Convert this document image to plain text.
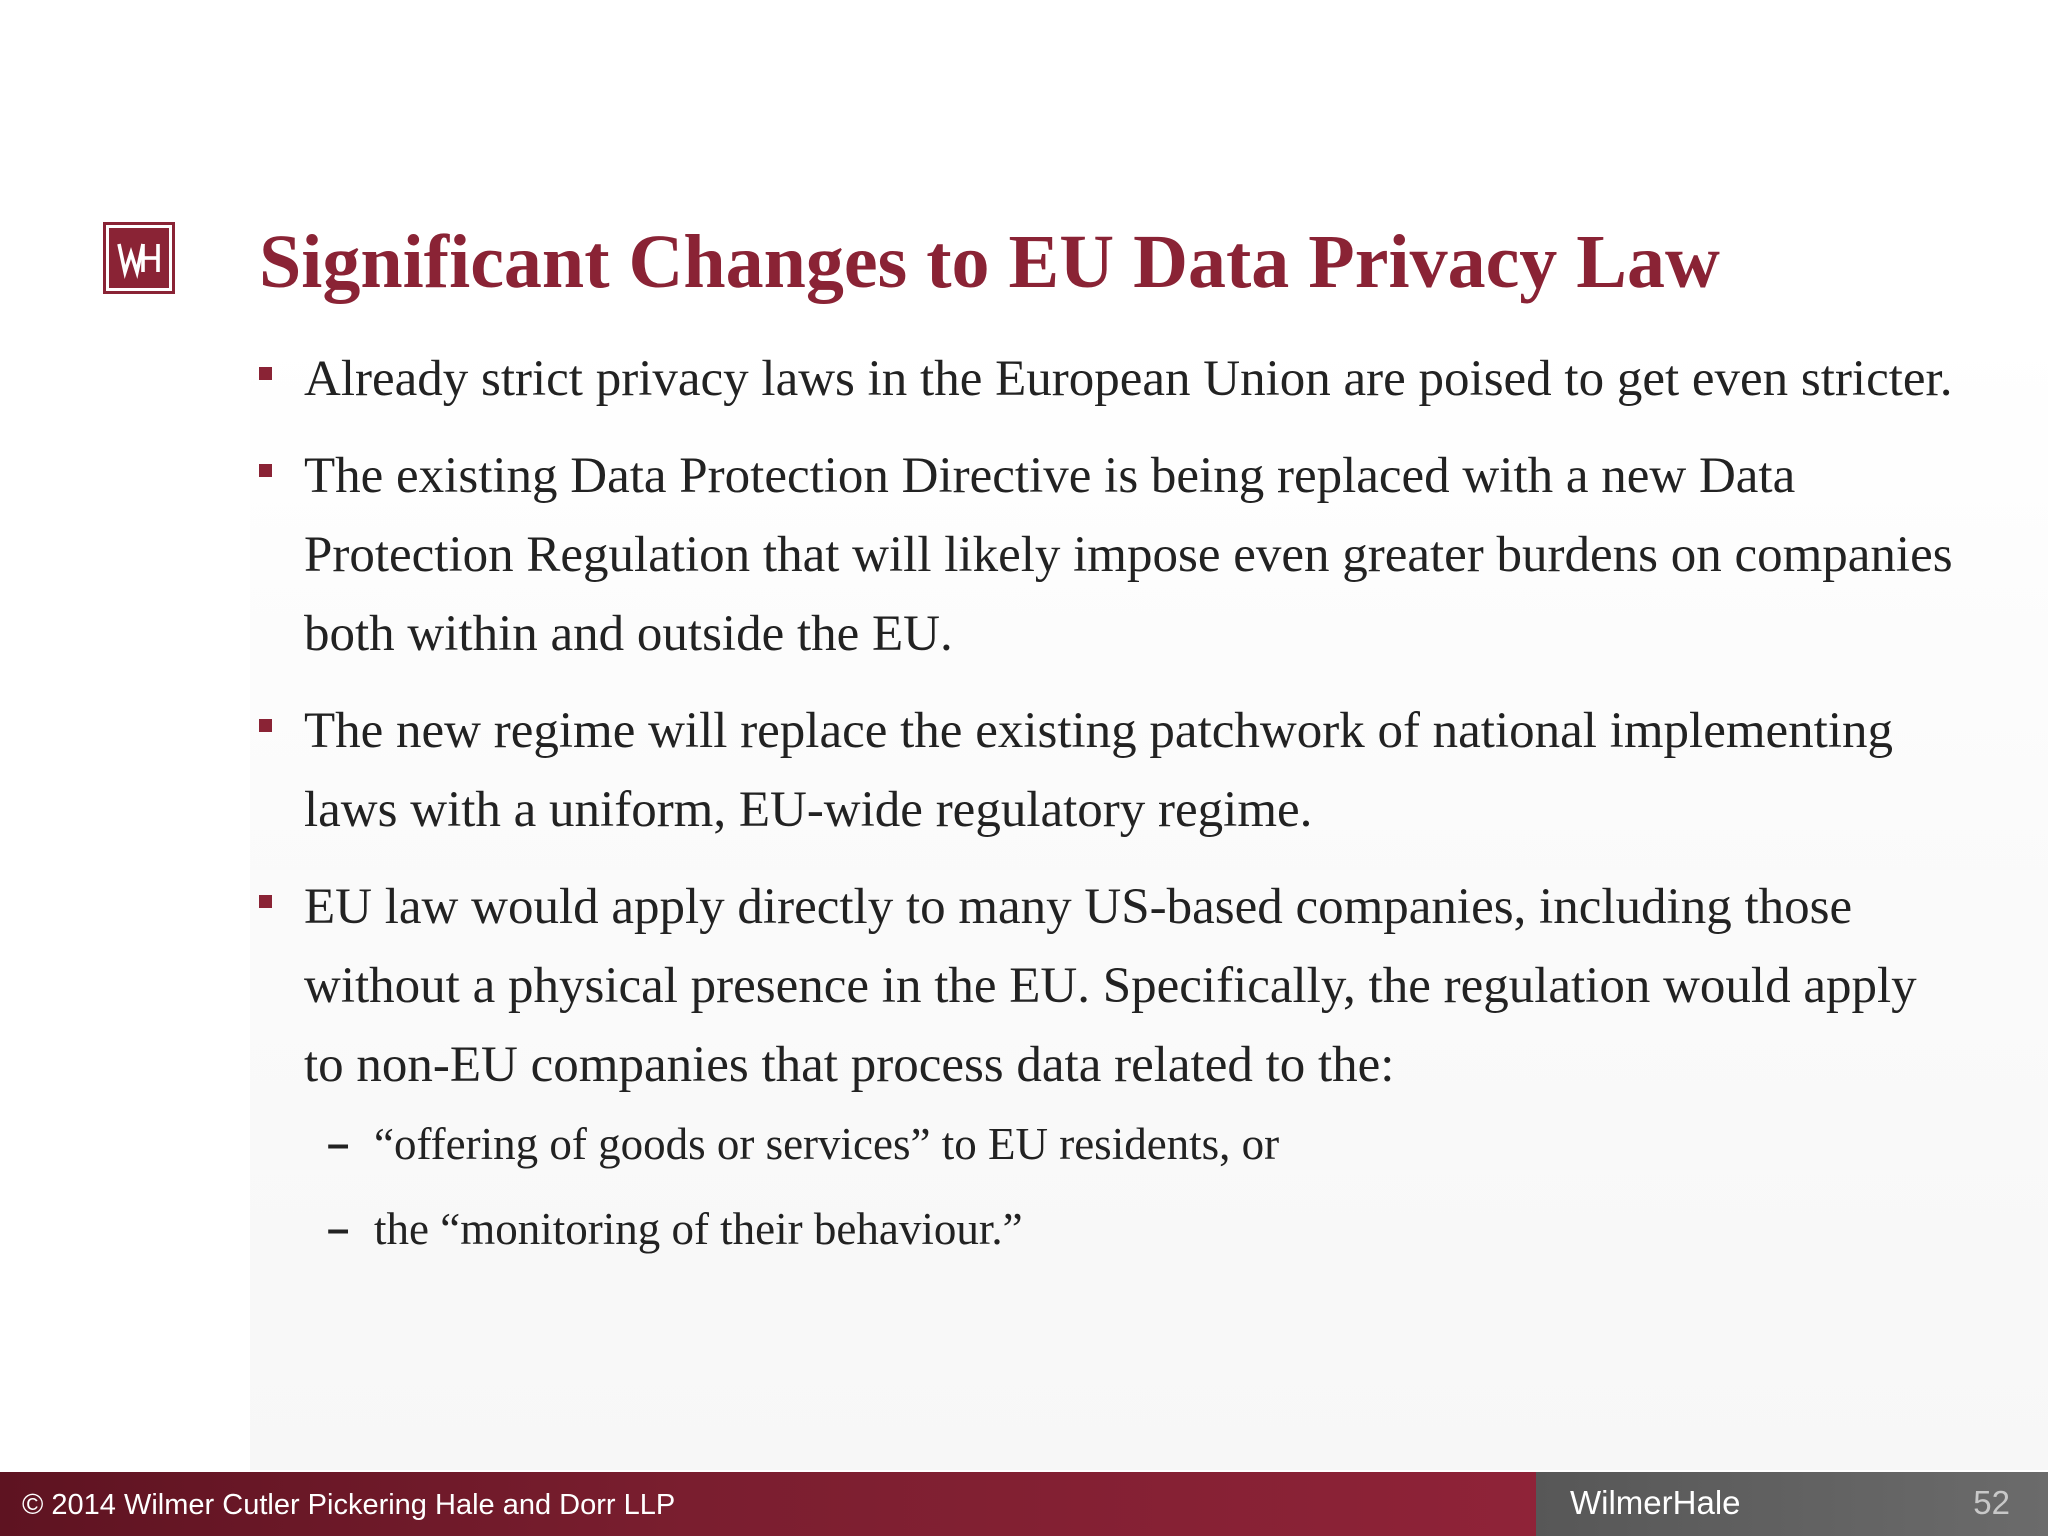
Significant Changes to EU Data Privacy Law
Already strict privacy laws in the European Union are poised to get even stricter.
The existing Data Protection Directive is being replaced with a new Data Protection Regulation that will likely impose even greater burdens on companies both within and outside the EU.
The new regime will replace the existing patchwork of national implementing laws with a uniform, EU-wide regulatory regime.
EU law would apply directly to many US-based companies, including those without a physical presence in the EU. Specifically, the regulation would apply to non-EU companies that process data related to the:
– “offering of goods or services” to EU residents, or
– the “monitoring of their behaviour.”
© 2014 Wilmer Cutler Pickering Hale and Dorr LLP	WilmerHale	52
